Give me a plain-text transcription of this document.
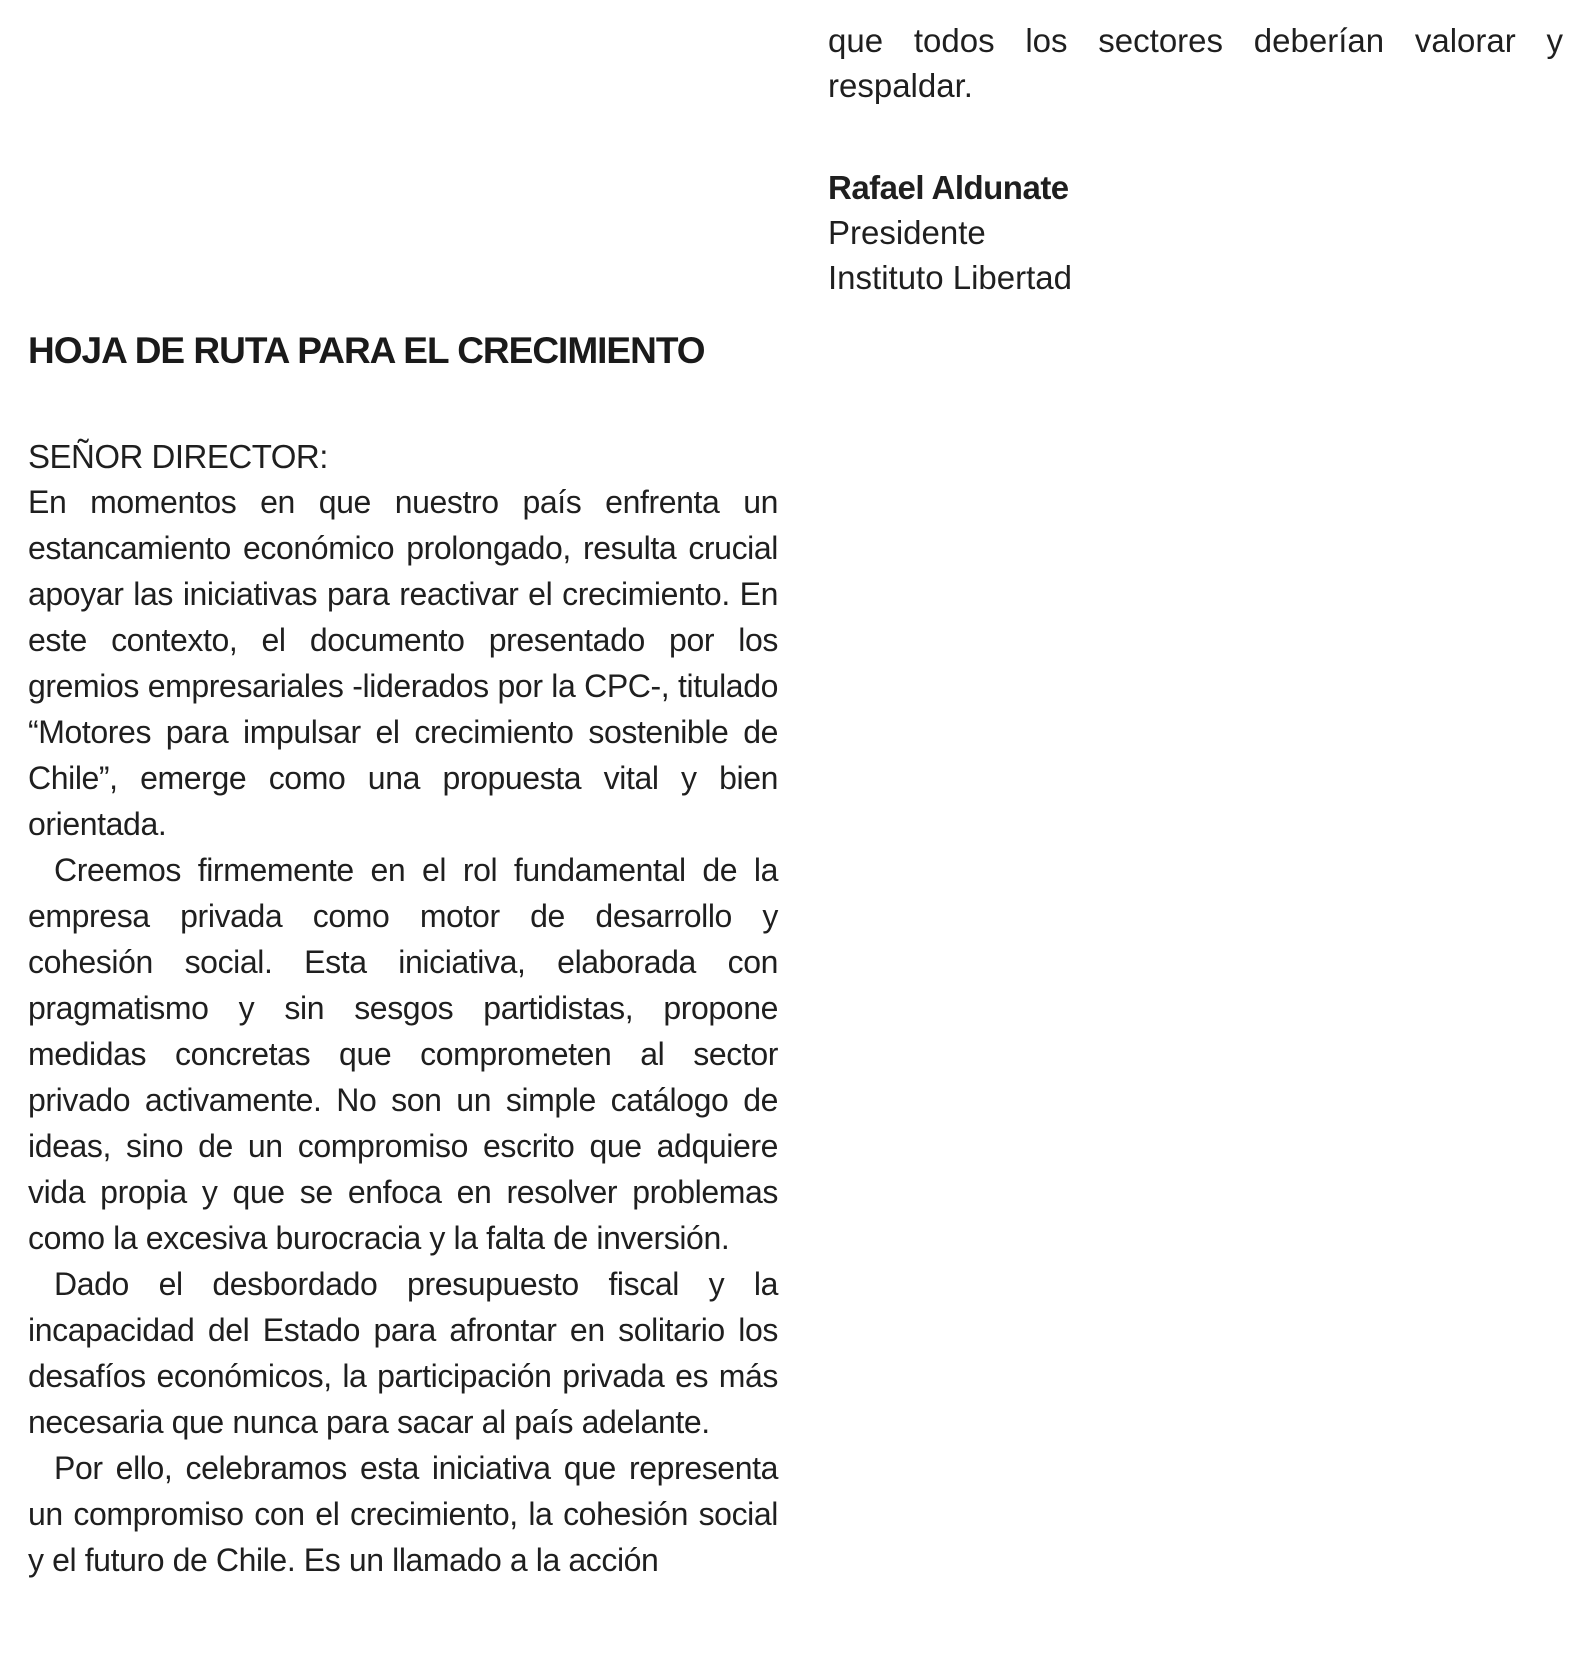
que todos los sectores deberían valorar y respaldar.

Rafael Aldunate
Presidente
Instituto Libertad
HOJA DE RUTA PARA EL CRECIMIENTO
SEÑOR DIRECTOR:

En momentos en que nuestro país enfrenta un estancamiento económico prolongado, resulta crucial apoyar las iniciativas para reactivar el crecimiento. En este contexto, el documento presentado por los gremios empresariales -liderados por la CPC-, titulado “Motores para impulsar el crecimiento sostenible de Chile”, emerge como una propuesta vital y bien orientada.

Creemos firmemente en el rol fundamental de la empresa privada como motor de desarrollo y cohesión social. Esta iniciativa, elaborada con pragmatismo y sin sesgos partidistas, propone medidas concretas que comprometen al sector privado activamente. No son un simple catálogo de ideas, sino de un compromiso escrito que adquiere vida propia y que se enfoca en resolver problemas como la excesiva burocracia y la falta de inversión.

Dado el desbordado presupuesto fiscal y la incapacidad del Estado para afrontar en solitario los desafíos económicos, la participación privada es más necesaria que nunca para sacar al país adelante.

Por ello, celebramos esta iniciativa que representa un compromiso con el crecimiento, la cohesión social y el futuro de Chile. Es un llamado a la acción
